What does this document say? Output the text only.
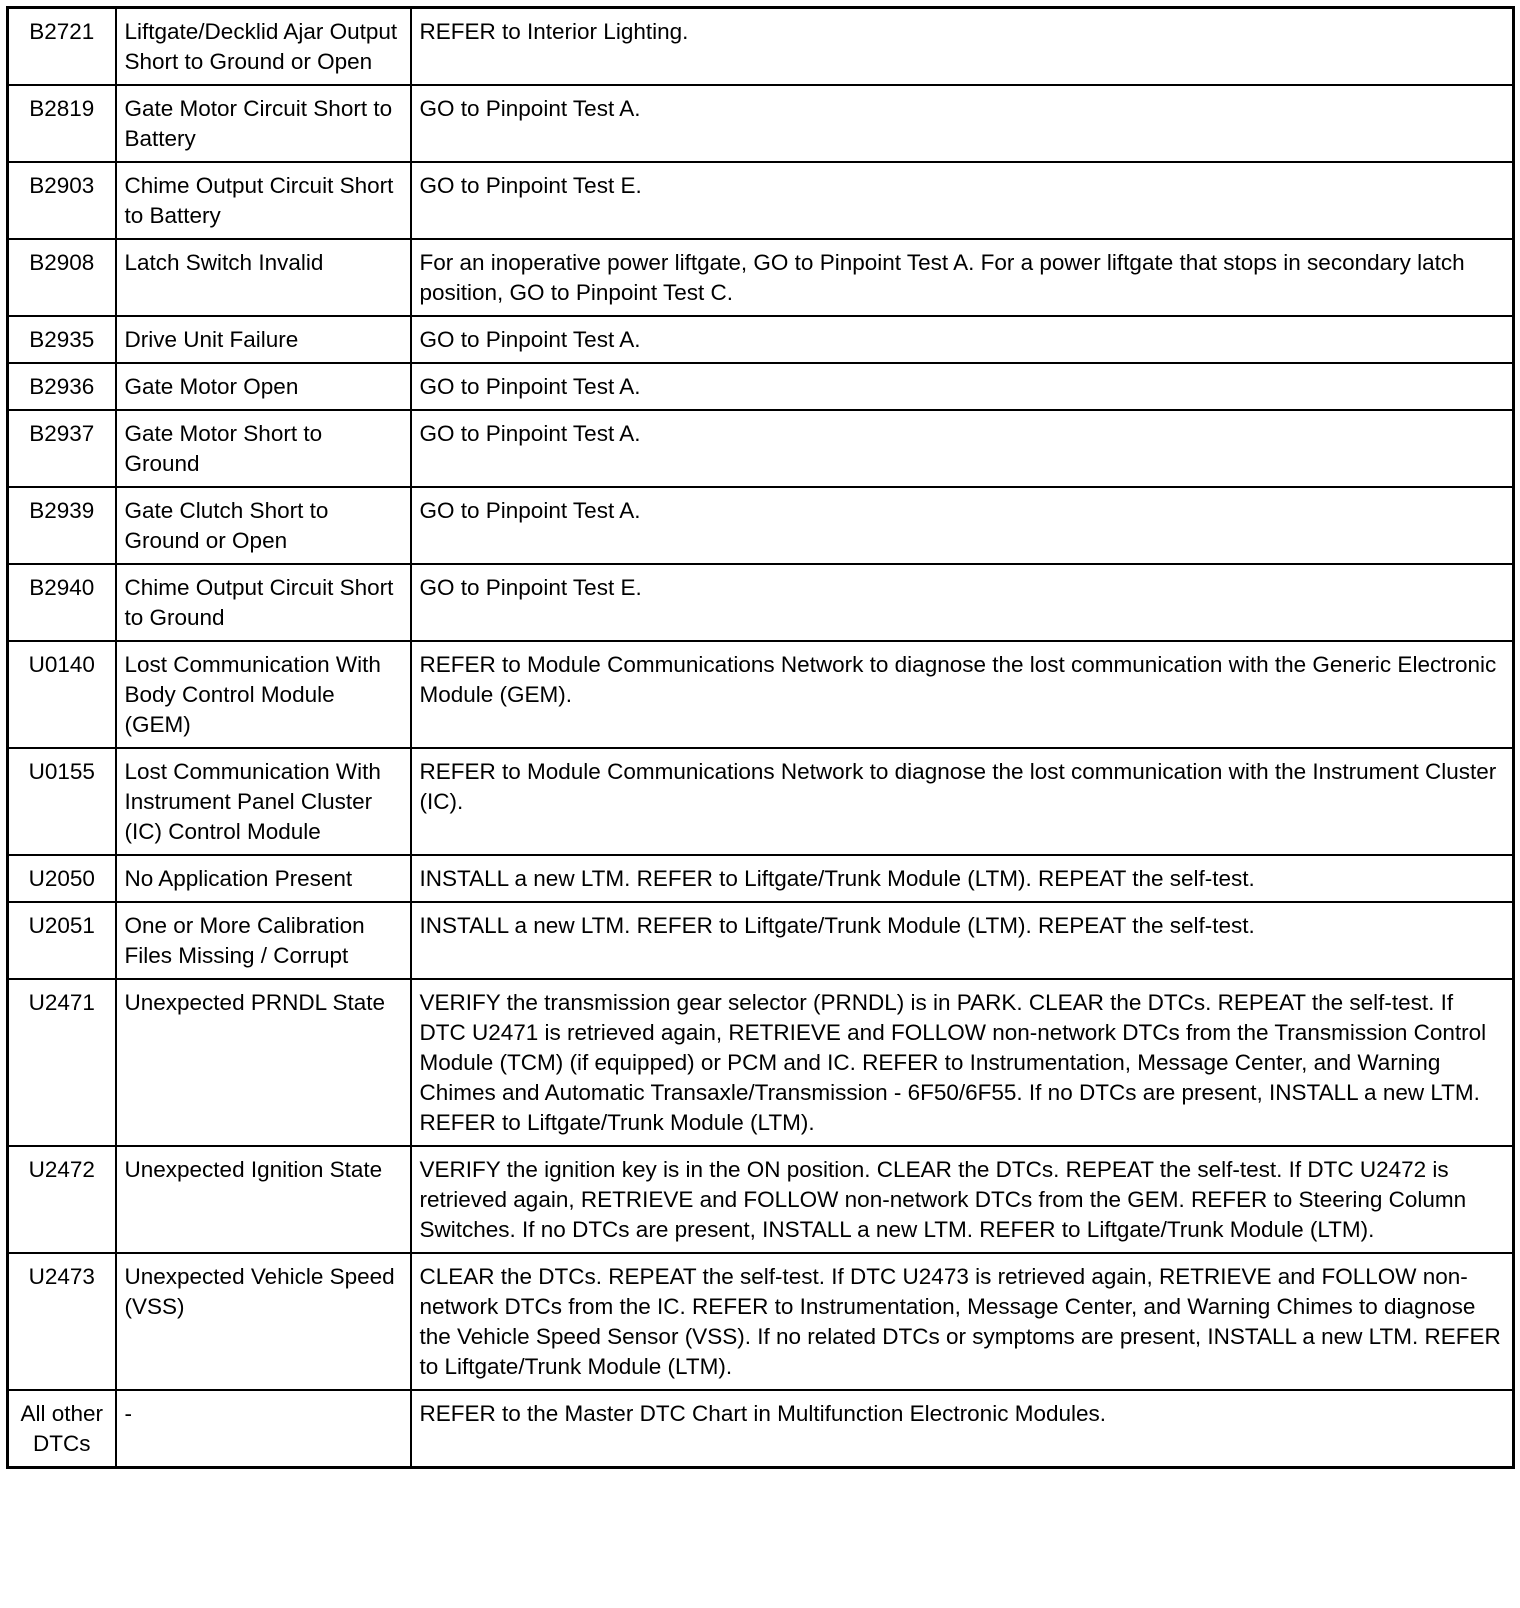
B2721	Liftgate/Decklid Ajar Output Short to Ground or Open	REFER to Interior Lighting.
B2819	Gate Motor Circuit Short to Battery	GO to Pinpoint Test A.
B2903	Chime Output Circuit Short to Battery	GO to Pinpoint Test E.
B2908	Latch Switch Invalid	For an inoperative power liftgate, GO to Pinpoint Test A. For a power liftgate that stops in secondary latch position, GO to Pinpoint Test C.
B2935	Drive Unit Failure	GO to Pinpoint Test A.
B2936	Gate Motor Open	GO to Pinpoint Test A.
B2937	Gate Motor Short to Ground	GO to Pinpoint Test A.
B2939	Gate Clutch Short to Ground or Open	GO to Pinpoint Test A.
B2940	Chime Output Circuit Short to Ground	GO to Pinpoint Test E.
U0140	Lost Communication With Body Control Module (GEM)	REFER to Module Communications Network to diagnose the lost communication with the Generic Electronic Module (GEM).
U0155	Lost Communication With Instrument Panel Cluster (IC) Control Module	REFER to Module Communications Network to diagnose the lost communication with the Instrument Cluster (IC).
U2050	No Application Present	INSTALL a new LTM. REFER to Liftgate/Trunk Module (LTM). REPEAT the self-test.
U2051	One or More Calibration Files Missing / Corrupt	INSTALL a new LTM. REFER to Liftgate/Trunk Module (LTM). REPEAT the self-test.
U2471	Unexpected PRNDL State	VERIFY the transmission gear selector (PRNDL) is in PARK. CLEAR the DTCs. REPEAT the self-test. If DTC U2471 is retrieved again, RETRIEVE and FOLLOW non-network DTCs from the Transmission Control Module (TCM) (if equipped) or PCM and IC. REFER to Instrumentation, Message Center, and Warning Chimes and Automatic Transaxle/Transmission - 6F50/6F55. If no DTCs are present, INSTALL a new LTM. REFER to Liftgate/Trunk Module (LTM).
U2472	Unexpected Ignition State	VERIFY the ignition key is in the ON position. CLEAR the DTCs. REPEAT the self-test. If DTC U2472 is retrieved again, RETRIEVE and FOLLOW non-network DTCs from the GEM. REFER to Steering Column Switches. If no DTCs are present, INSTALL a new LTM. REFER to Liftgate/Trunk Module (LTM).
U2473	Unexpected Vehicle Speed (VSS)	CLEAR the DTCs. REPEAT the self-test. If DTC U2473 is retrieved again, RETRIEVE and FOLLOW non-network DTCs from the IC. REFER to Instrumentation, Message Center, and Warning Chimes to diagnose the Vehicle Speed Sensor (VSS). If no related DTCs or symptoms are present, INSTALL a new LTM. REFER to Liftgate/Trunk Module (LTM).
All other DTCs	-	REFER to the Master DTC Chart in Multifunction Electronic Modules.
